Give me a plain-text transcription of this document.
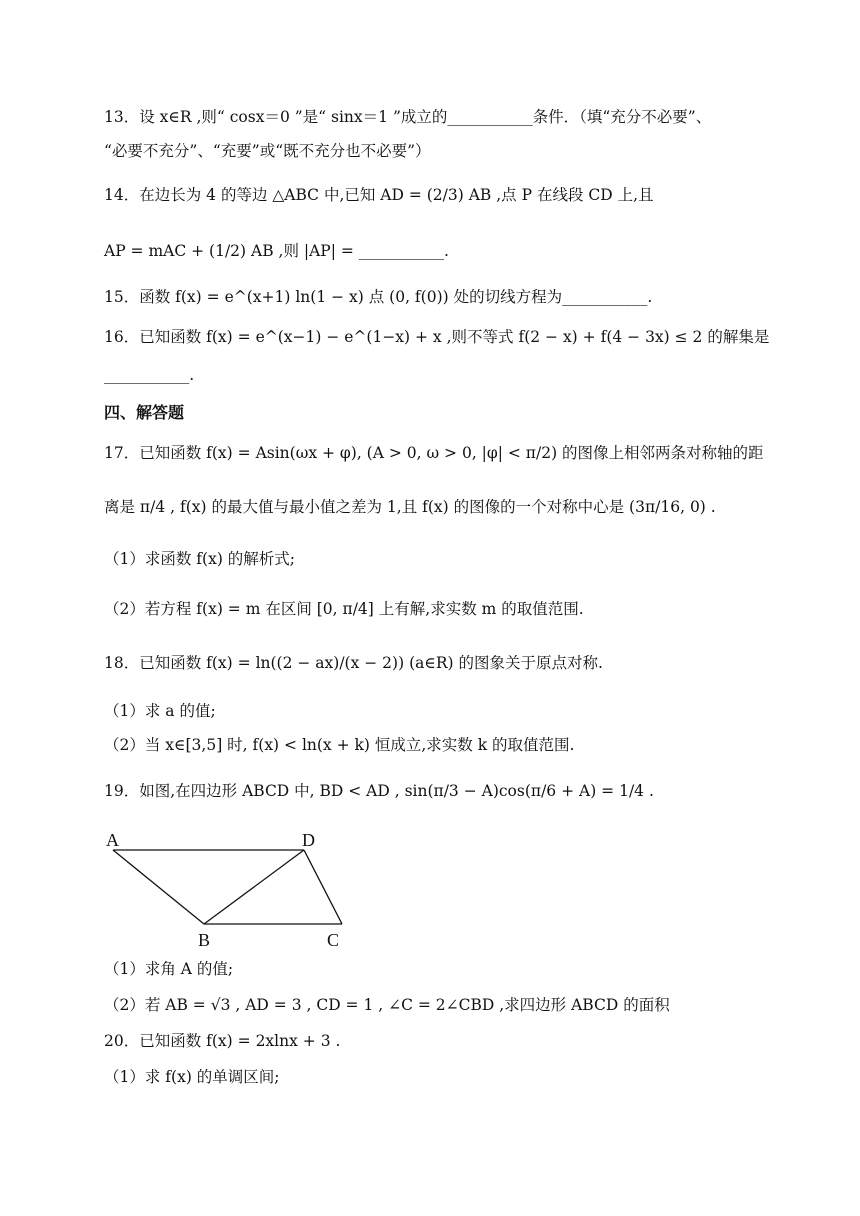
13．设 x∈R ,则“ cosx＝0 ”是“ sinx＝1 ”成立的___________条件．（填“充分不必要”、
“必要不充分”、“充要”或“既不充分也不必要”）
14．在边长为 4 的等边 △ABC 中,已知 AD = (2/3) AB ,点 P 在线段 CD 上,且
AP = mAC + (1/2) AB ,则 |AP| = ___________.
15．函数 f(x) = e^(x+1) ln(1 − x) 点 (0, f(0)) 处的切线方程为___________.
16．已知函数 f(x) = e^(x−1) − e^(1−x) + x ,则不等式 f(2 − x) + f(4 − 3x) ≤ 2 的解集是
___________.
四、解答题
17．已知函数 f(x) = Asin(ωx + φ), (A > 0, ω > 0, |φ| < π/2) 的图像上相邻两条对称轴的距
离是 π/4 , f(x) 的最大值与最小值之差为 1,且 f(x) 的图像的一个对称中心是 (3π/16, 0) .
（1）求函数 f(x) 的解析式;
（2）若方程 f(x) = m 在区间 [0, π/4] 上有解,求实数 m 的取值范围.
18．已知函数 f(x) = ln((2 − ax)/(x − 2)) (a∈R) 的图象关于原点对称.
（1）求 a 的值;
（2）当 x∈[3,5] 时, f(x) < ln(x + k) 恒成立,求实数 k 的取值范围.
19．如图,在四边形 ABCD 中, BD < AD , sin(π/3 − A)cos(π/6 + A) = 1/4 .
A	D
B	C
（1）求角 A 的值;
（2）若 AB = √3 , AD = 3 , CD = 1 , ∠C = 2∠CBD ,求四边形 ABCD 的面积
20．已知函数 f(x) = 2xlnx + 3 .
（1）求 f(x) 的单调区间;
